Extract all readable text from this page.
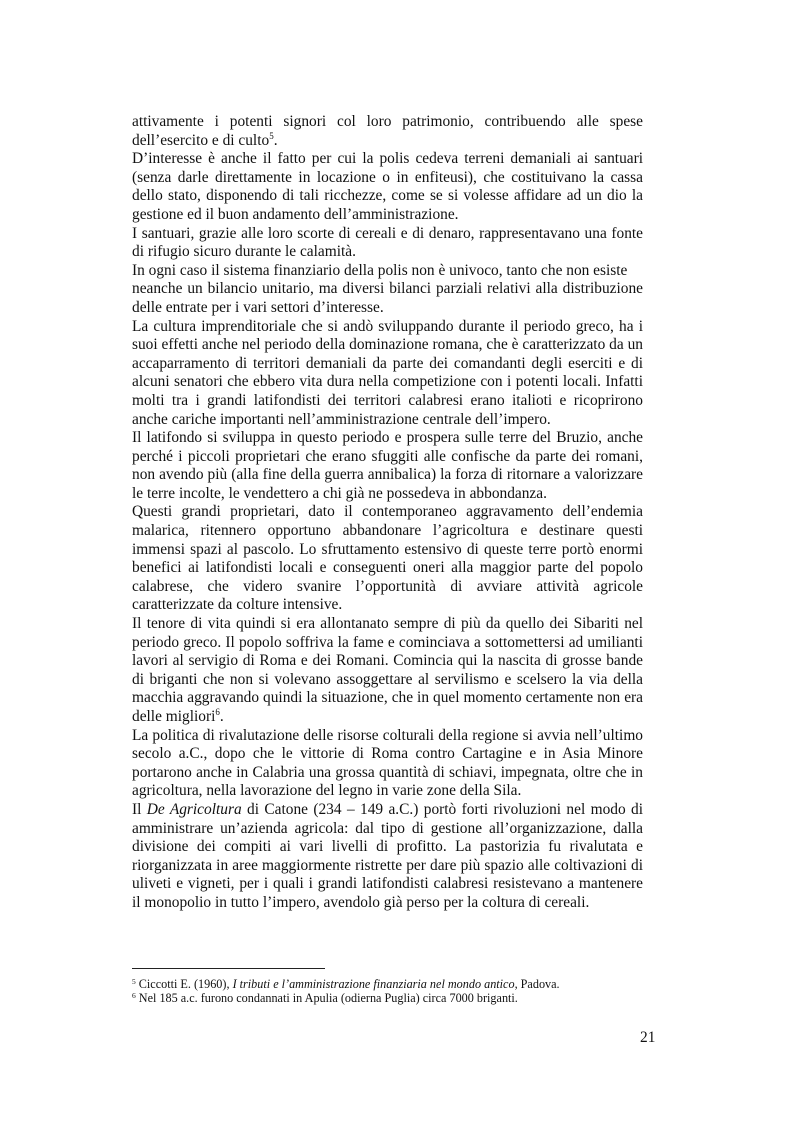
attivamente i potenti signori col loro patrimonio, contribuendo alle spese dell’esercito e di culto$^5$.

D’interesse è anche il fatto per cui la polis cedeva terreni demaniali ai santuari (senza darle direttamente in locazione o in enfiteusi), che costituivano la cassa dello stato, disponendo di tali ricchezze, come se si volesse affidare ad un dio la gestione ed il buon andamento dell’amministrazione.

I santuari, grazie alle loro scorte di cereali e di denaro, rappresentavano una fonte di rifugio sicuro durante le calamità.

In ogni caso il sistema finanziario della polis non è univoco, tanto che non esiste

neanche un bilancio unitario, ma diversi bilanci parziali relativi alla distribuzione delle entrate per i vari settori d’interesse.

La cultura imprenditoriale che si andò sviluppando durante il periodo greco, ha i suoi effetti anche nel periodo della dominazione romana, che è caratterizzato da un accaparramento di territori demaniali da parte dei comandanti degli eserciti e di alcuni senatori che ebbero vita dura nella competizione con i potenti locali. Infatti molti tra i grandi latifondisti dei territori calabresi erano italioti e ricoprirono anche cariche importanti nell’amministrazione centrale dell’impero.

Il latifondo si sviluppa in questo periodo e prospera sulle terre del Bruzio, anche perché i piccoli proprietari che erano sfuggiti alle confische da parte dei romani, non avendo più (alla fine della guerra annibalica) la forza di ritornare a valorizzare le terre incolte, le vendettero a chi già ne possedeva in abbondanza.

Questi grandi proprietari, dato il contemporaneo aggravamento dell’endemia malarica, ritennero opportuno abbandonare l’agricoltura e destinare questi immensi spazi al pascolo. Lo sfruttamento estensivo di queste terre portò enormi benefici ai latifondisti locali e conseguenti oneri alla maggior parte del popolo calabrese, che videro svanire l’opportunità di avviare attività agricole caratterizzate da colture intensive.

Il tenore di vita quindi si era allontanato sempre di più da quello dei Sibariti nel periodo greco. Il popolo soffriva la fame e cominciava a sottomettersi ad umilianti lavori al servigio di Roma e dei Romani. Comincia qui la nascita di grosse bande di briganti che non si volevano assoggettare al servilismo e scelsero la via della macchia aggravando quindi la situazione, che in quel momento certamente non era delle migliori$^6$.

La politica di rivalutazione delle risorse colturali della regione si avvia nell’ultimo secolo a.C., dopo che le vittorie di Roma contro Cartagine e in Asia Minore portarono anche in Calabria una grossa quantità di schiavi, impegnata, oltre che in agricoltura, nella lavorazione del legno in varie zone della Sila.

Il De Agricoltura di Catone (234 – 149 a.C.) portò forti rivoluzioni nel modo di amministrare un’azienda agricola: dal tipo di gestione all’organizzazione, dalla divisione dei compiti ai vari livelli di profitto. La pastorizia fu rivalutata e riorganizzata in aree maggiormente ristrette per dare più spazio alle coltivazioni di uliveti e vigneti, per i quali i grandi latifondisti calabresi resistevano a mantenere il monopolio in tutto l’impero, avendolo già perso per la coltura di cereali.

$^5$ Ciccotti E. (1960), I tributi e l’amministrazione finanziaria nel mondo antico, Padova.

$^6$ Nel 185 a.c. furono condannati in Apulia (odierna Puglia) circa 7000 briganti.

21
